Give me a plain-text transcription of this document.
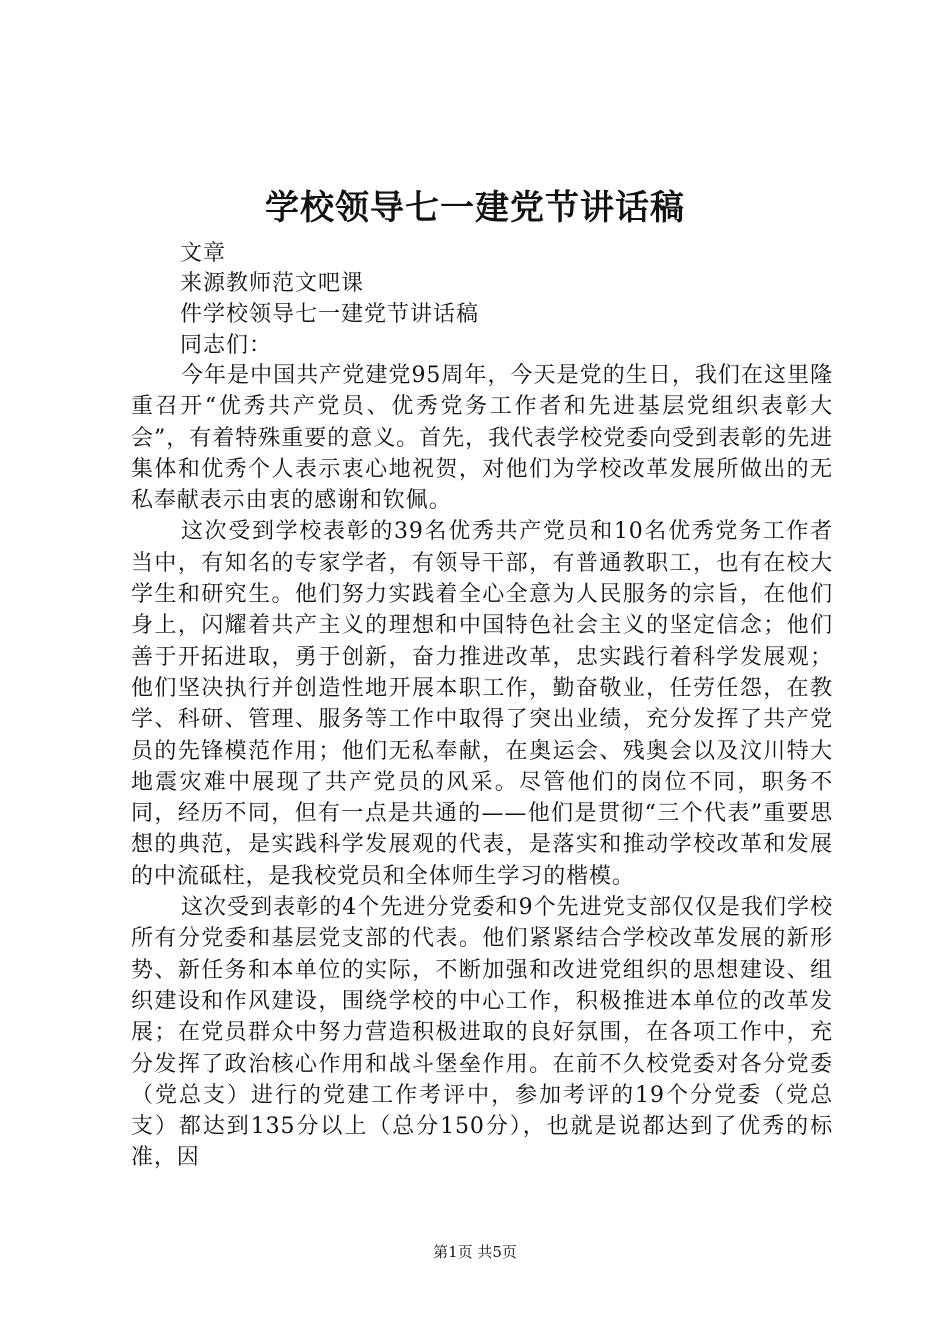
学校领导七一建党节讲话稿

文章

来源教师范文吧课

件学校领导七一建党节讲话稿

同志们：

今年是中国共产党建党95周年，今天是党的生日，我们在这里隆重召开“优秀共产党员、优秀党务工作者和先进基层党组织表彰大会”，有着特殊重要的意义。首先，我代表学校党委向受到表彰的先进集体和优秀个人表示衷心地祝贺，对他们为学校改革发展所做出的无私奉献表示由衷的感谢和钦佩。

这次受到学校表彰的39名优秀共产党员和10名优秀党务工作者当中，有知名的专家学者，有领导干部，有普通教职工，也有在校大学生和研究生。他们努力实践着全心全意为人民服务的宗旨，在他们身上，闪耀着共产主义的理想和中国特色社会主义的坚定信念；他们善于开拓进取，勇于创新，奋力推进改革，忠实践行着科学发展观；他们坚决执行并创造性地开展本职工作，勤奋敬业，任劳任怨，在教学、科研、管理、服务等工作中取得了突出业绩，充分发挥了共产党员的先锋模范作用；他们无私奉献，在奥运会、残奥会以及汶川特大地震灾难中展现了共产党员的风采。尽管他们的岗位不同，职务不同，经历不同，但有一点是共通的——他们是贯彻“三个代表”重要思想的典范，是实践科学发展观的代表，是落实和推动学校改革和发展的中流砥柱，是我校党员和全体师生学习的楷模。

这次受到表彰的4个先进分党委和9个先进党支部仅仅是我们学校所有分党委和基层党支部的代表。他们紧紧结合学校改革发展的新形势、新任务和本单位的实际，不断加强和改进党组织的思想建设、组织建设和作风建设，围绕学校的中心工作，积极推进本单位的改革发展；在党员群众中努力营造积极进取的良好氛围，在各项工作中，充分发挥了政治核心作用和战斗堡垒作用。在前不久校党委对各分党委（党总支）进行的党建工作考评中，参加考评的19个分党委（党总支）都达到135分以上（总分150分），也就是说都达到了优秀的标准，因

第1页 共5页
